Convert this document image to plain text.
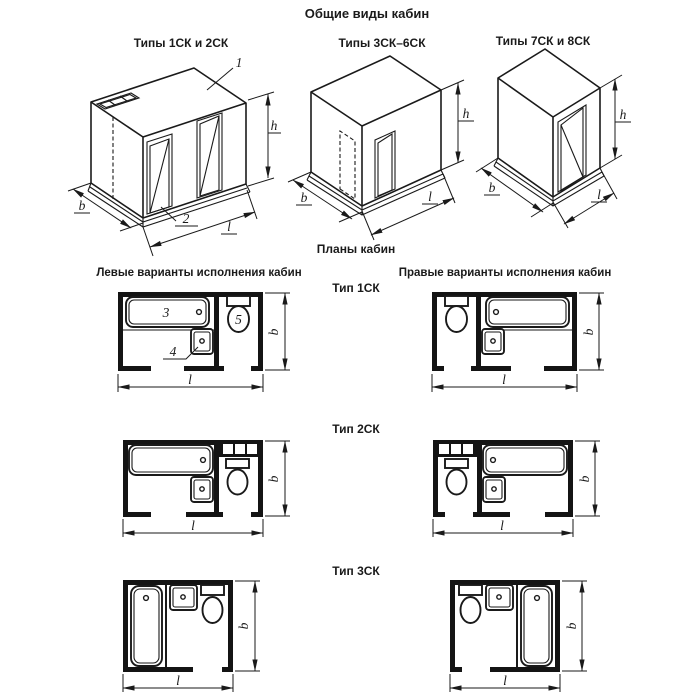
Общие виды кабин
Типы 1СК и 2СК
1
2
h
b
l
Типы 3СК–6СК
h
b	l
Типы 7СК и 8СК
h
b	l
Планы кабин
Левые варианты исполнения кабин	Правые варианты исполнения кабин
Тип 1СК
Тип 2СК
Тип 3СК
3
4
5
b
l
b
l
b
l
b
l
b
l
b
l
